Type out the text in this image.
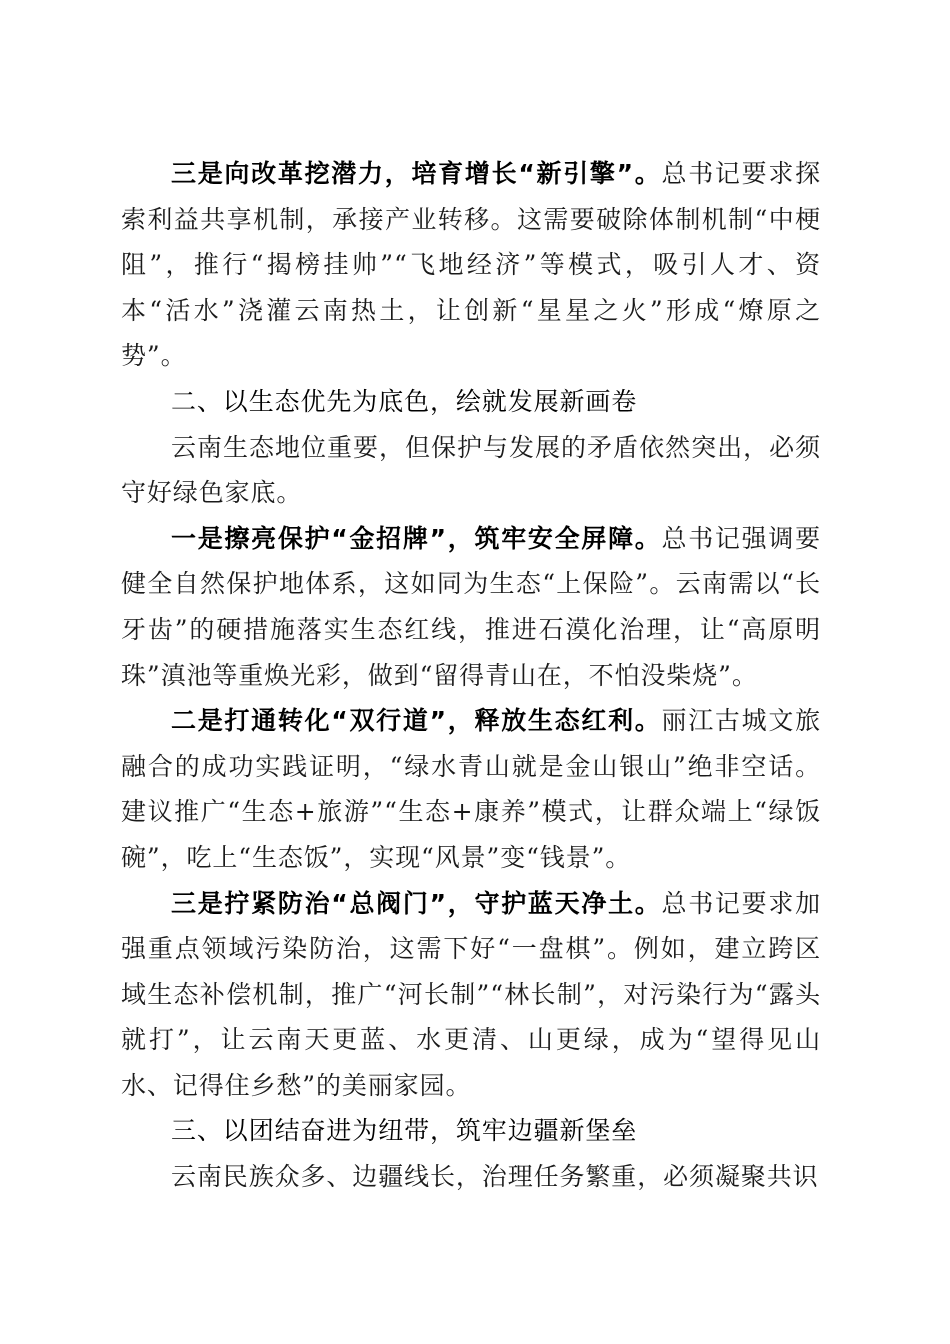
三是向改革挖潜力，培育增长“新引擎”。总书记要求探索利益共享机制，承接产业转移。这需要破除体制机制“中梗阻”，推行“揭榜挂帅”“飞地经济”等模式，吸引人才、资本“活水”浇灌云南热土，让创新“星星之火”形成“燎原之势”。

二、以生态优先为底色，绘就发展新画卷

云南生态地位重要，但保护与发展的矛盾依然突出，必须守好绿色家底。

一是擦亮保护“金招牌”，筑牢安全屏障。总书记强调要健全自然保护地体系，这如同为生态“上保险”。云南需以“长牙齿”的硬措施落实生态红线，推进石漠化治理，让“高原明珠”滇池等重焕光彩，做到“留得青山在，不怕没柴烧”。

二是打通转化“双行道”，释放生态红利。丽江古城文旅融合的成功实践证明，“绿水青山就是金山银山”绝非空话。建议推广“生态+旅游”“生态+康养”模式，让群众端上“绿饭碗”，吃上“生态饭”，实现“风景”变“钱景”。

三是拧紧防治“总阀门”，守护蓝天净土。总书记要求加强重点领域污染防治，这需下好“一盘棋”。例如，建立跨区域生态补偿机制，推广“河长制”“林长制”，对污染行为“露头就打”，让云南天更蓝、水更清、山更绿，成为“望得见山水、记得住乡愁”的美丽家园。

三、以团结奋进为纽带，筑牢边疆新堡垒

云南民族众多、边疆线长，治理任务繁重，必须凝聚共识
